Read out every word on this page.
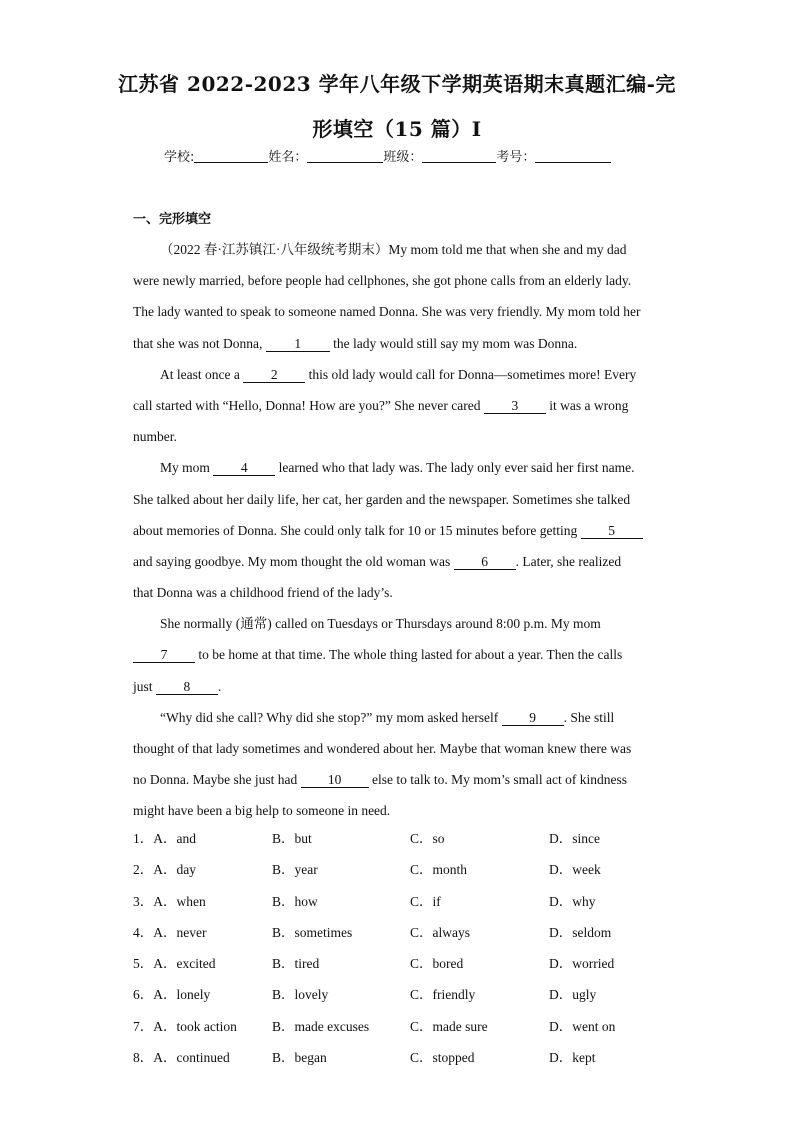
江苏省 2022-2023 学年八年级下学期英语期末真题汇编-完
形填空（15 篇）Ⅰ
学校:	姓名：	班级：	考号：
一、完形填空
（2022 春·江苏镇江·八年级统考期末）My mom told me that when she and my dad
were newly married, before people had cellphones, she got phone calls from an elderly lady.
The lady wanted to speak to someone named Donna. She was very friendly. My mom told her
that she was not Donna, 1 the lady would still say my mom was Donna.
At least once a 2 this old lady would call for Donna—sometimes more! Every
call started with “Hello, Donna! How are you?” She never cared 3 it was a wrong
number.
My mom 4 learned who that lady was. The lady only ever said her first name.
She talked about her daily life, her cat, her garden and the newspaper. Sometimes she talked
about memories of Donna. She could only talk for 10 or 15 minutes before getting 5
and saying goodbye. My mom thought the old woman was 6 . Later, she realized
that Donna was a childhood friend of the lady’s.
She normally (通常) called on Tuesdays or Thursdays around 8:00 p.m. My mom
7 to be home at that time. The whole thing lasted for about a year. Then the calls
just 8 .
“Why did she call? Why did she stop?” my mom asked herself 9 . She still
thought of that lady sometimes and wondered about her. Maybe that woman knew there was
no Donna. Maybe she just had 10 else to talk to. My mom’s small act of kindness
might have been a big help to someone in need.
1．A．and	B．but	C．so	D．since
2．A．day	B．year	C．month	D．week
3．A．when	B．how	C．if	D．why
4．A．never	B．sometimes	C．always	D．seldom
5．A．excited	B．tired	C．bored	D．worried
6．A．lonely	B．lovely	C．friendly	D．ugly
7．A．took action	B．made excuses	C．made sure	D．went on
8．A．continued	B．began	C．stopped	D．kept
